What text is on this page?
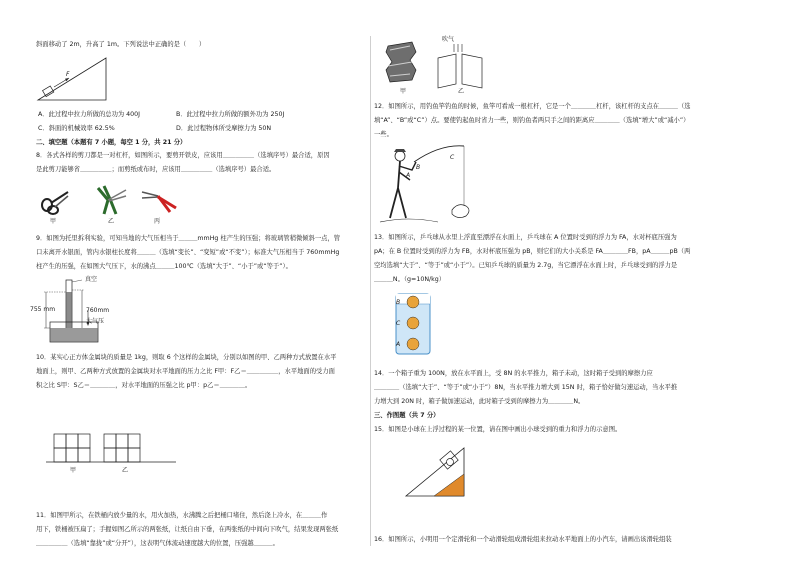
斜面移动了 2m，升高了 1m。下列说法中正确的是（　　）
F
A．此过程中拉力所做的总功为 400J	B．此过程中拉力所做的额外功为 250J
C．斜面的机械效率 62.5%	D．此过程物体所受摩擦力为 50N
二、填空题（本题有 7 小题，每空 1 分，共 21 分）
8．各式各样的剪刀都是一对杠杆，如图所示，要剪开铁皮，应该用＿＿＿＿＿（选填序号）最合适，原因
是此剪刀能够省＿＿＿＿＿；而剪纸或布时，应该用＿＿＿＿＿（选填序号）最合适。
甲	乙	丙
9．如图为托里拆利实验，可知当地的大气压相当于＿＿＿mmHg 柱产生的压强；将玻璃管稍微倾斜一点，管
口未离开水银面，管内水银柱长度将＿＿＿（选填“变长”、“变短”或“不变”）；标准大气压相当于 760mmHg
柱产生的压强，在如图大气压下，水的沸点＿＿＿100℃（选填“大于”、“小于”或“等于”）。
真空
755 mm	760mm
大气压
10．某实心正方体金属块的质量是 1kg，则取 6 个这样的金属块，分别以如图的甲、乙两种方式放置在水平
地面上，则甲、乙两种方式放置的金属块对水平地面的压力之比 F甲：F乙＝＿＿＿＿＿，水平地面的受力面
积之比 S甲：S乙＝＿＿＿＿，对水平地面的压强之比 p甲：p乙＝＿＿＿＿。
甲	乙
11．如图甲所示，在铁桶内放少量的水，用火加热，水沸腾之后把桶口堵住，然后浇上冷水，在＿＿＿作
用下，铁桶被压扁了；手握如图乙所示的两张纸，让纸自由下垂，在两张纸的中间向下吹气，结果发现两张纸
＿＿＿＿＿（选填“靠拢”或“分开”），这表明气体流动速度越大的位置，压强越＿＿＿。
吹气
甲	乙
12．如图所示，用钓鱼竿钓鱼的时候，鱼竿可看成一根杠杆，它是一个＿＿＿＿杠杆，该杠杆的支点在＿＿＿（选
填“A”、“B”或“C”）点。要使钓起鱼时省力一些，则钓鱼者两只手之间的距离应＿＿＿＿（选填“增大”或“减小”）
一些。
B
A
C
13．如图所示，乒乓球从水里上浮直至漂浮在水面上，乒乓球在 A 位置时受到的浮力为 FA，水对杯底压强为
pA；在 B 位置时受到的浮力为 FB，水对杯底压强为 pB，则它们的大小关系是 FA＿＿＿＿FB，pA＿＿＿pB（两
空均选填“大于”、“等于”或“小于”）。已知乒乓球的质量为 2.7g，当它漂浮在水面上时，乒乓球受到的浮力是
＿＿＿N。（g=10N/kg）
B
C
A
14．一个箱子重为 100N，放在水平面上，受 8N 的水平推力，箱子未动，这时箱子受到的摩擦力应
＿＿＿＿（选填“大于”、“等于”或“小于”）8N，当水平推力增大到 15N 时，箱子恰好做匀速运动，当水平推
力增大到 20N 时，箱子做加速运动，此时箱子受到的摩擦力为＿＿＿＿N。
三、作图题（共 7 分）
15．如图是小球在上浮过程的某一位置，请在图中画出小球受到的重力和浮力的示意图。
16．如图所示，小明用一个定滑轮和一个动滑轮组成滑轮组来拉动水平地面上的小汽车，请画出该滑轮组装
